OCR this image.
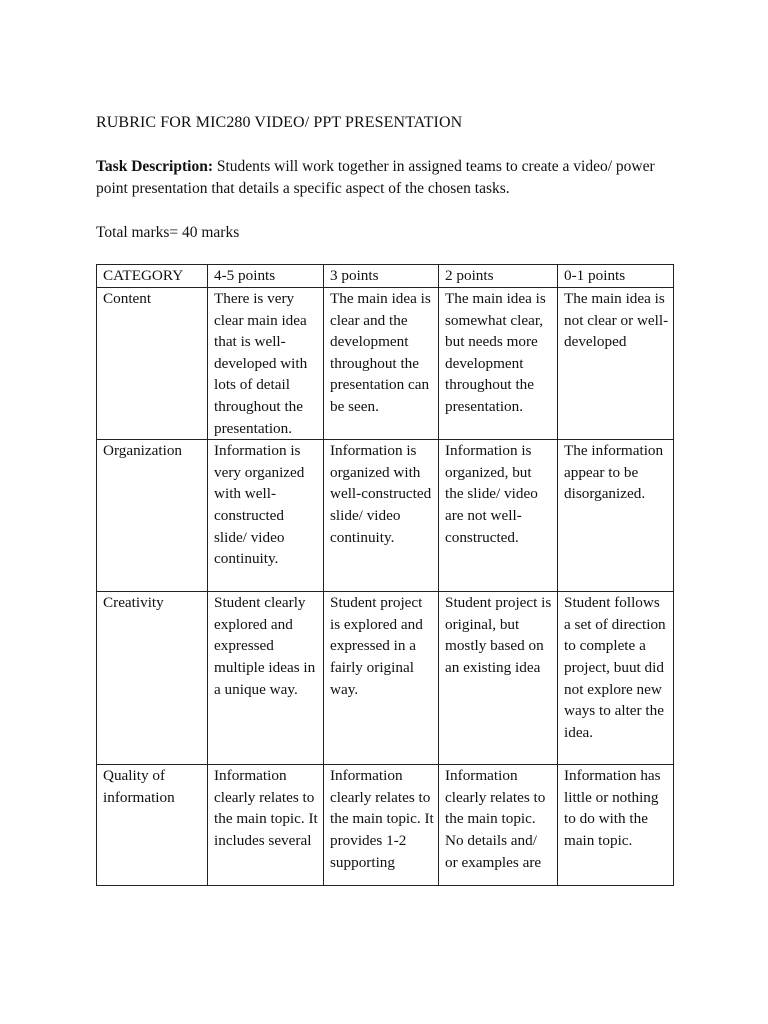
RUBRIC FOR MIC280 VIDEO/ PPT PRESENTATION

Task Description: Students will work together in assigned teams to create a video/ power point presentation that details a specific aspect of the chosen tasks.

Total marks= 40 marks

CATEGORY	4-5 points	3 points	2 points	0-1 points
Content	There is very clear main idea that is well-developed with lots of detail throughout the presentation.	The main idea is clear and the development throughout the presentation can be seen.	The main idea is somewhat clear, but needs more development throughout the presentation.	The main idea is not clear or well-developed
Organization	Information is very organized with well-constructed slide/ video continuity.	Information is organized with well-constructed slide/ video continuity.	Information is organized, but the slide/ video are not well-constructed.	The information appear to be disorganized.
Creativity	Student clearly explored and expressed multiple ideas in a unique way.	Student project is explored and expressed in a fairly original way.	Student project is original, but mostly based on an existing idea	Student follows a set of direction to complete a project, buut did not explore new ways to alter the idea.
Quality of information	Information clearly relates to the main topic. It includes several	Information clearly relates to the main topic. It provides 1-2 supporting	Information clearly relates to the main topic. No details and/ or examples are	Information has little or nothing to do with the main topic.
